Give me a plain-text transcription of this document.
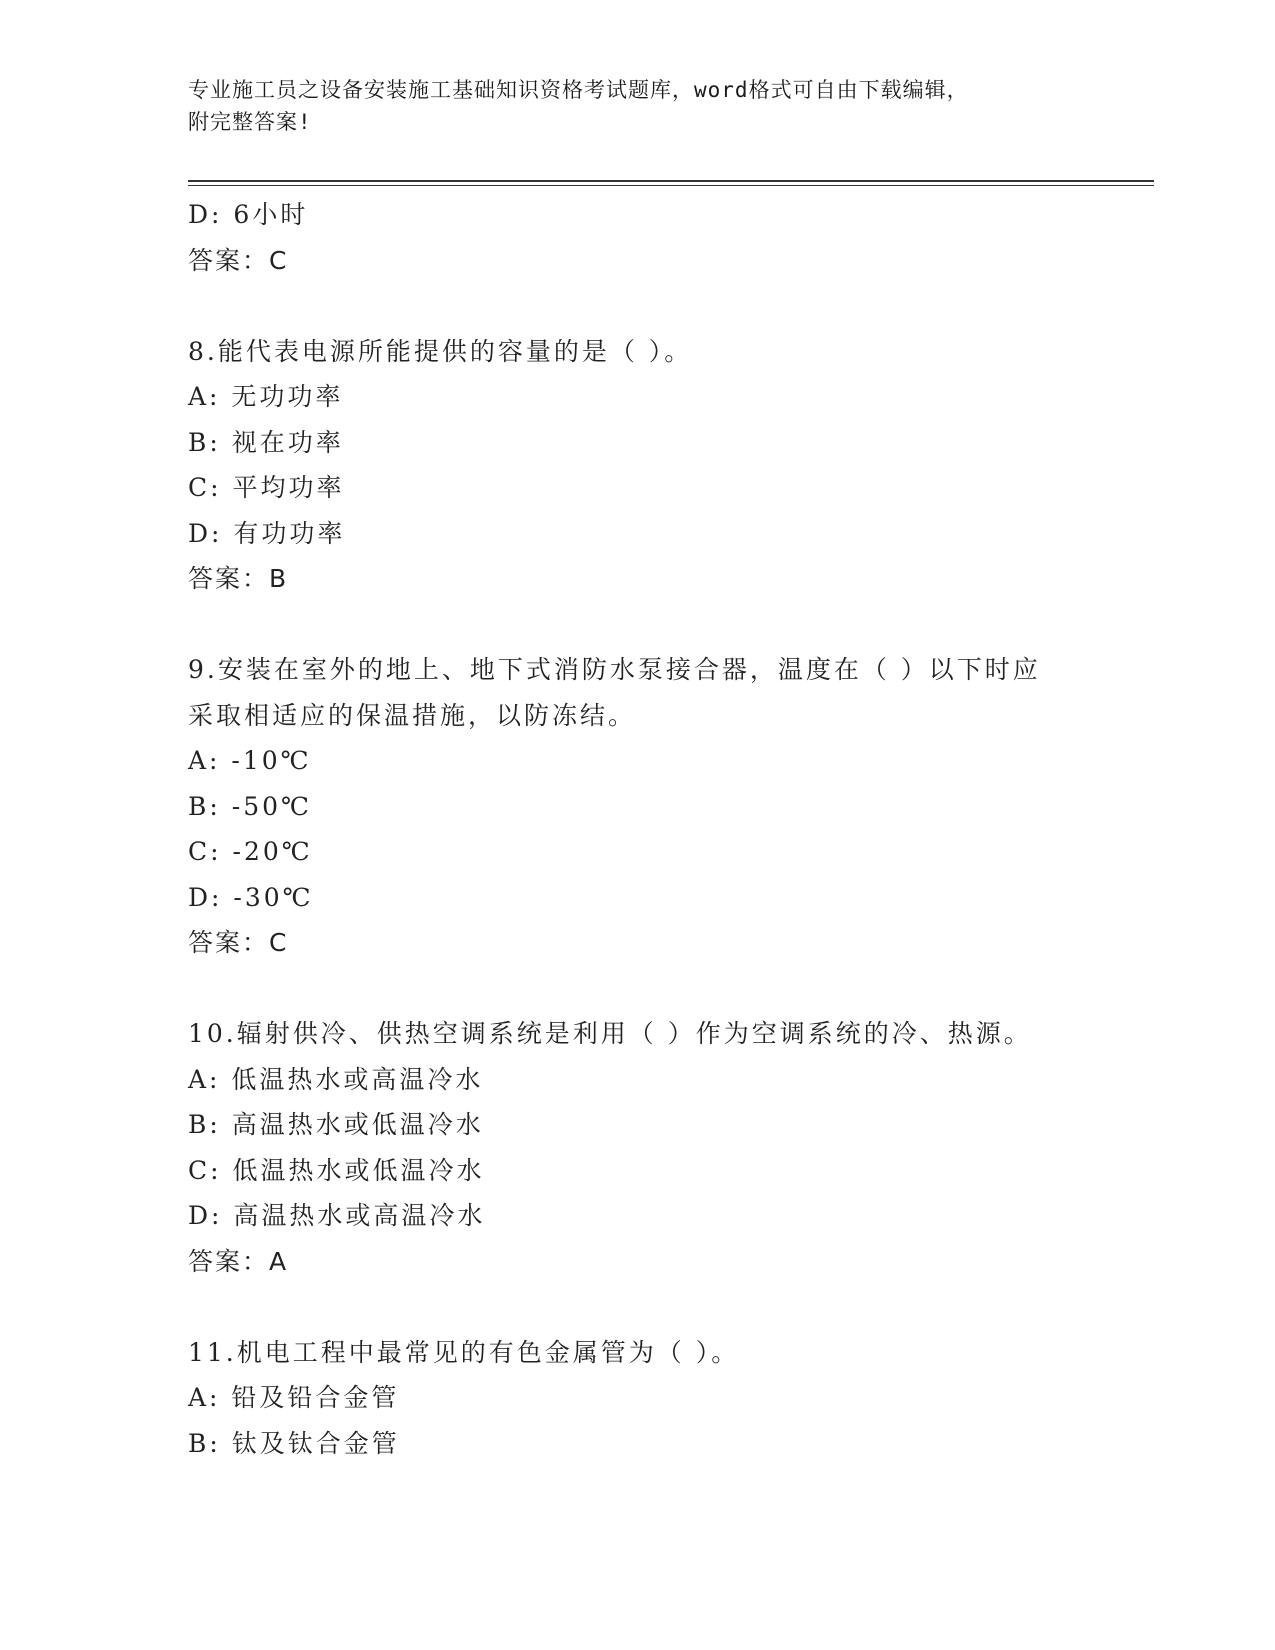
专业施工员之设备安装施工基础知识资格考试题库，word格式可自由下载编辑，
附完整答案!
D: 6小时
答案：C
8.能代表电源所能提供的容量的是（ ）。
A: 无功功率
B: 视在功率
C: 平均功率
D: 有功功率
答案：B
9.安装在室外的地上、地下式消防水泵接合器，温度在（ ）以下时应
采取相适应的保温措施，以防冻结。
A: -10℃
B: -50℃
C: -20℃
D: -30℃
答案：C
10.辐射供冷、供热空调系统是利用（ ）作为空调系统的冷、热源。
A: 低温热水或高温冷水
B: 高温热水或低温冷水
C: 低温热水或低温冷水
D: 高温热水或高温冷水
答案：A
11.机电工程中最常见的有色金属管为（ ）。
A: 铅及铅合金管
B: 钛及钛合金管
